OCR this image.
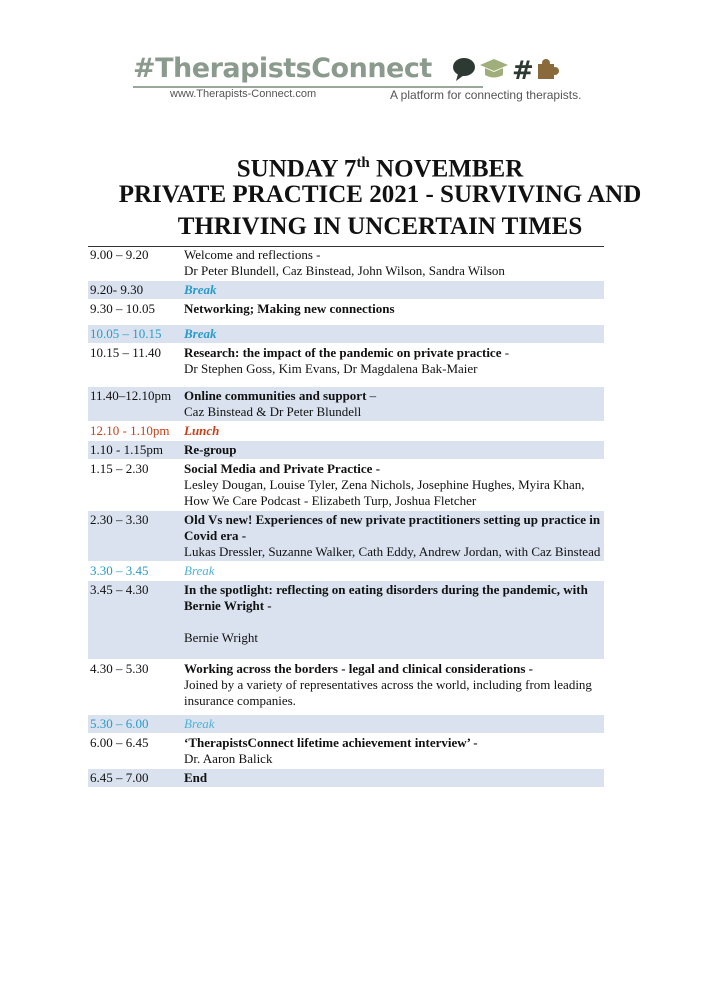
#TherapistsConnect	#
www.Therapists-Connect.com	A platform for connecting therapists.
SUNDAY 7th NOVEMBER
PRIVATE PRACTICE 2021 - SURVIVING AND
THRIVING IN UNCERTAIN TIMES
9.00 – 9.20	Welcome and reflections -
Dr Peter Blundell, Caz Binstead, John Wilson, Sandra Wilson

9.20- 9.30	Break
9.30 – 10.05	Networking; Making new connections

10.05 – 10.15	Break
10.15 – 11.40	Research: the impact of the pandemic on private practice -
Dr Stephen Goss, Kim Evans, Dr Magdalena Bak-Maier

11.40–12.10pm	Online communities and support –
Caz Binstead & Dr Peter Blundell

12.10 - 1.10pm	Lunch
1.10 - 1.15pm	Re-group
1.15 – 2.30	Social Media and Private Practice -
Lesley Dougan, Louise Tyler, Zena Nichols, Josephine Hughes, Myira Khan, How We Care Podcast - Elizabeth Turp, Joshua Fletcher

2.30 – 3.30	Old Vs new! Experiences of new private practitioners setting up practice in Covid era -
Lukas Dressler, Suzanne Walker, Cath Eddy, Andrew Jordan, with Caz Binstead

3.30 – 3.45	Break
3.45 – 4.30	In the spotlight: reflecting on eating disorders during the pandemic, with Bernie Wright -
Bernie Wright

4.30 – 5.30	Working across the borders - legal and clinical considerations -
Joined by a variety of representatives across the world, including from leading insurance companies.

5.30 – 6.00	Break
6.00 – 6.45	‘TherapistsConnect lifetime achievement interview’ -
Dr. Aaron Balick

6.45 – 7.00	End
